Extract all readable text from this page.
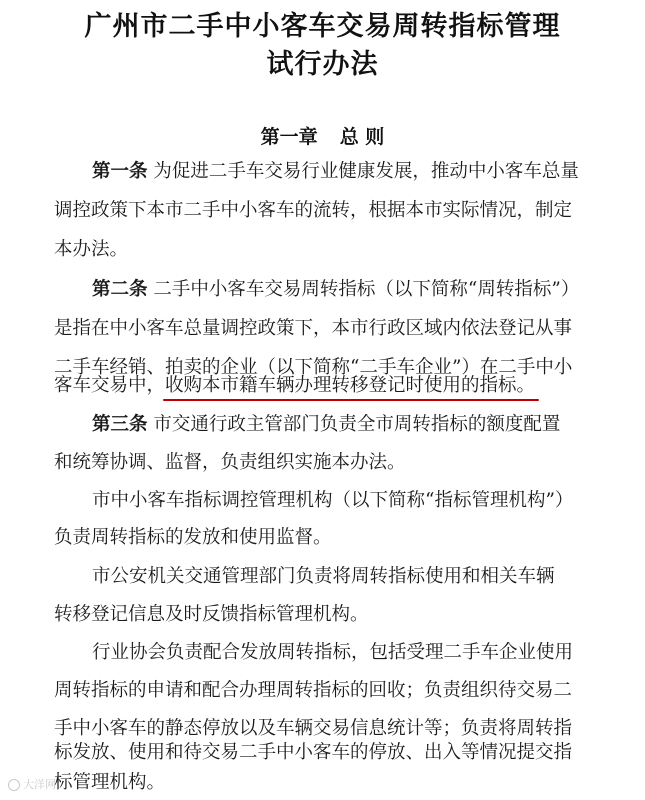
广州市二手中小客车交易周转指标管理
试行办法
第一章 总 则
第一条 为促进二手车交易行业健康发展，推动中小客车总量
调控政策下本市二手中小客车的流转，根据本市实际情况，制定
本办法。
第二条 二手中小客车交易周转指标（以下简称“周转指标”）
是指在中小客车总量调控政策下，本市行政区域内依法登记从事
二手车经销、拍卖的企业（以下简称“二手车企业”）在二手中小
客车交易中，收购本市籍车辆办理转移登记时使用的指标。
第三条 市交通行政主管部门负责全市周转指标的额度配置
和统筹协调、监督，负责组织实施本办法。
市中小客车指标调控管理机构（以下简称“指标管理机构”）
负责周转指标的发放和使用监督。
市公安机关交通管理部门负责将周转指标使用和相关车辆
转移登记信息及时反馈指标管理机构。
行业协会负责配合发放周转指标，包括受理二手车企业使用
周转指标的申请和配合办理周转指标的回收；负责组织待交易二
手中小客车的静态停放以及车辆交易信息统计等；负责将周转指
标发放、使用和待交易二手中小客车的停放、出入等情况提交指
标管理机构。
大洋网
